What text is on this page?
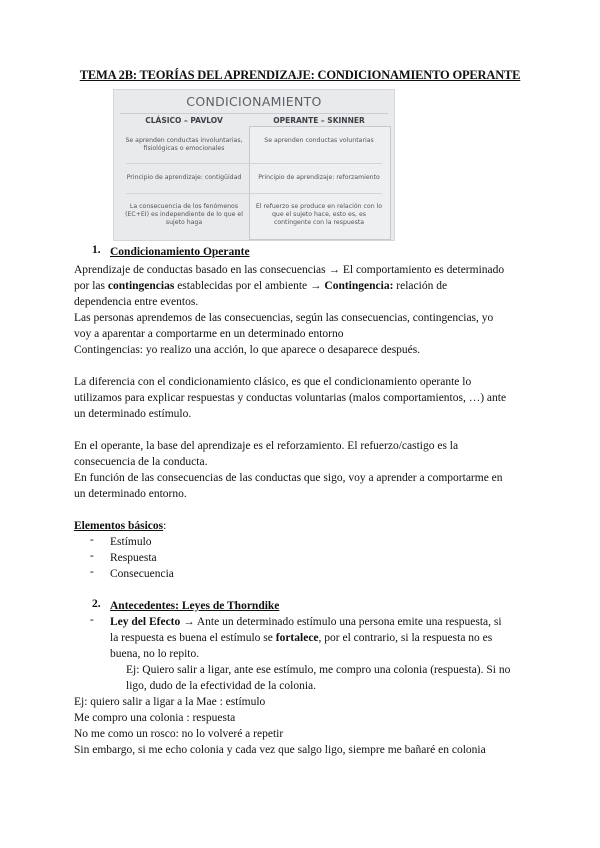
TEMA 2B: TEORÍAS DEL APRENDIZAJE: CONDICIONAMIENTO OPERANTE
CONDICIONAMIENTO
CLÁSICO – PAVLOV	OPERANTE – SKINNER
Se aprenden conductas involuntarias, fisiológicas o emocionales
Se aprenden conductas voluntarias
Principio de aprendizaje: contigüidad	Principio de aprendizaje: reforzamiento
La consecuencia de los fenómenos (EC+EI) es independiente de lo que el sujeto haga
El refuerzo se produce en relación con lo que el sujeto hace, esto es, es contingente con la respuesta
1. Condicionamiento Operante
Aprendizaje de conductas basado en las consecuencias → El comportamiento es determinado
por las contingencias establecidas por el ambiente → Contingencia: relación de
dependencia entre eventos.
Las personas aprendemos de las consecuencias, según las consecuencias, contingencias, yo
voy a aparentar a comportarme en un determinado entorno
Contingencias: yo realizo una acción, lo que aparece o desaparece después.
La diferencia con el condicionamiento clásico, es que el condicionamiento operante lo
utilizamos para explicar respuestas y conductas voluntarias (malos comportamientos, …) ante
un determinado estímulo.
En el operante, la base del aprendizaje es el reforzamiento. El refuerzo/castigo es la
consecuencia de la conducta.
En función de las consecuencias de las conductas que sigo, voy a aprender a comportarme en
un determinado entorno.
Elementos básicos:
- Estímulo
- Respuesta
- Consecuencia
2. Antecedentes: Leyes de Thorndike
- Ley del Efecto → Ante un determinado estímulo una persona emite una respuesta, si
la respuesta es buena el estímulo se fortalece, por el contrario, si la respuesta no es
buena, no lo repito.
Ej: Quiero salir a ligar, ante ese estímulo, me compro una colonia (respuesta). Si no
ligo, dudo de la efectividad de la colonia.
Ej: quiero salir a ligar a la Mae : estímulo
Me compro una colonia : respuesta
No me como un rosco: no lo volveré a repetir
Sin embargo, si me echo colonia y cada vez que salgo ligo, siempre me bañaré en colonia
